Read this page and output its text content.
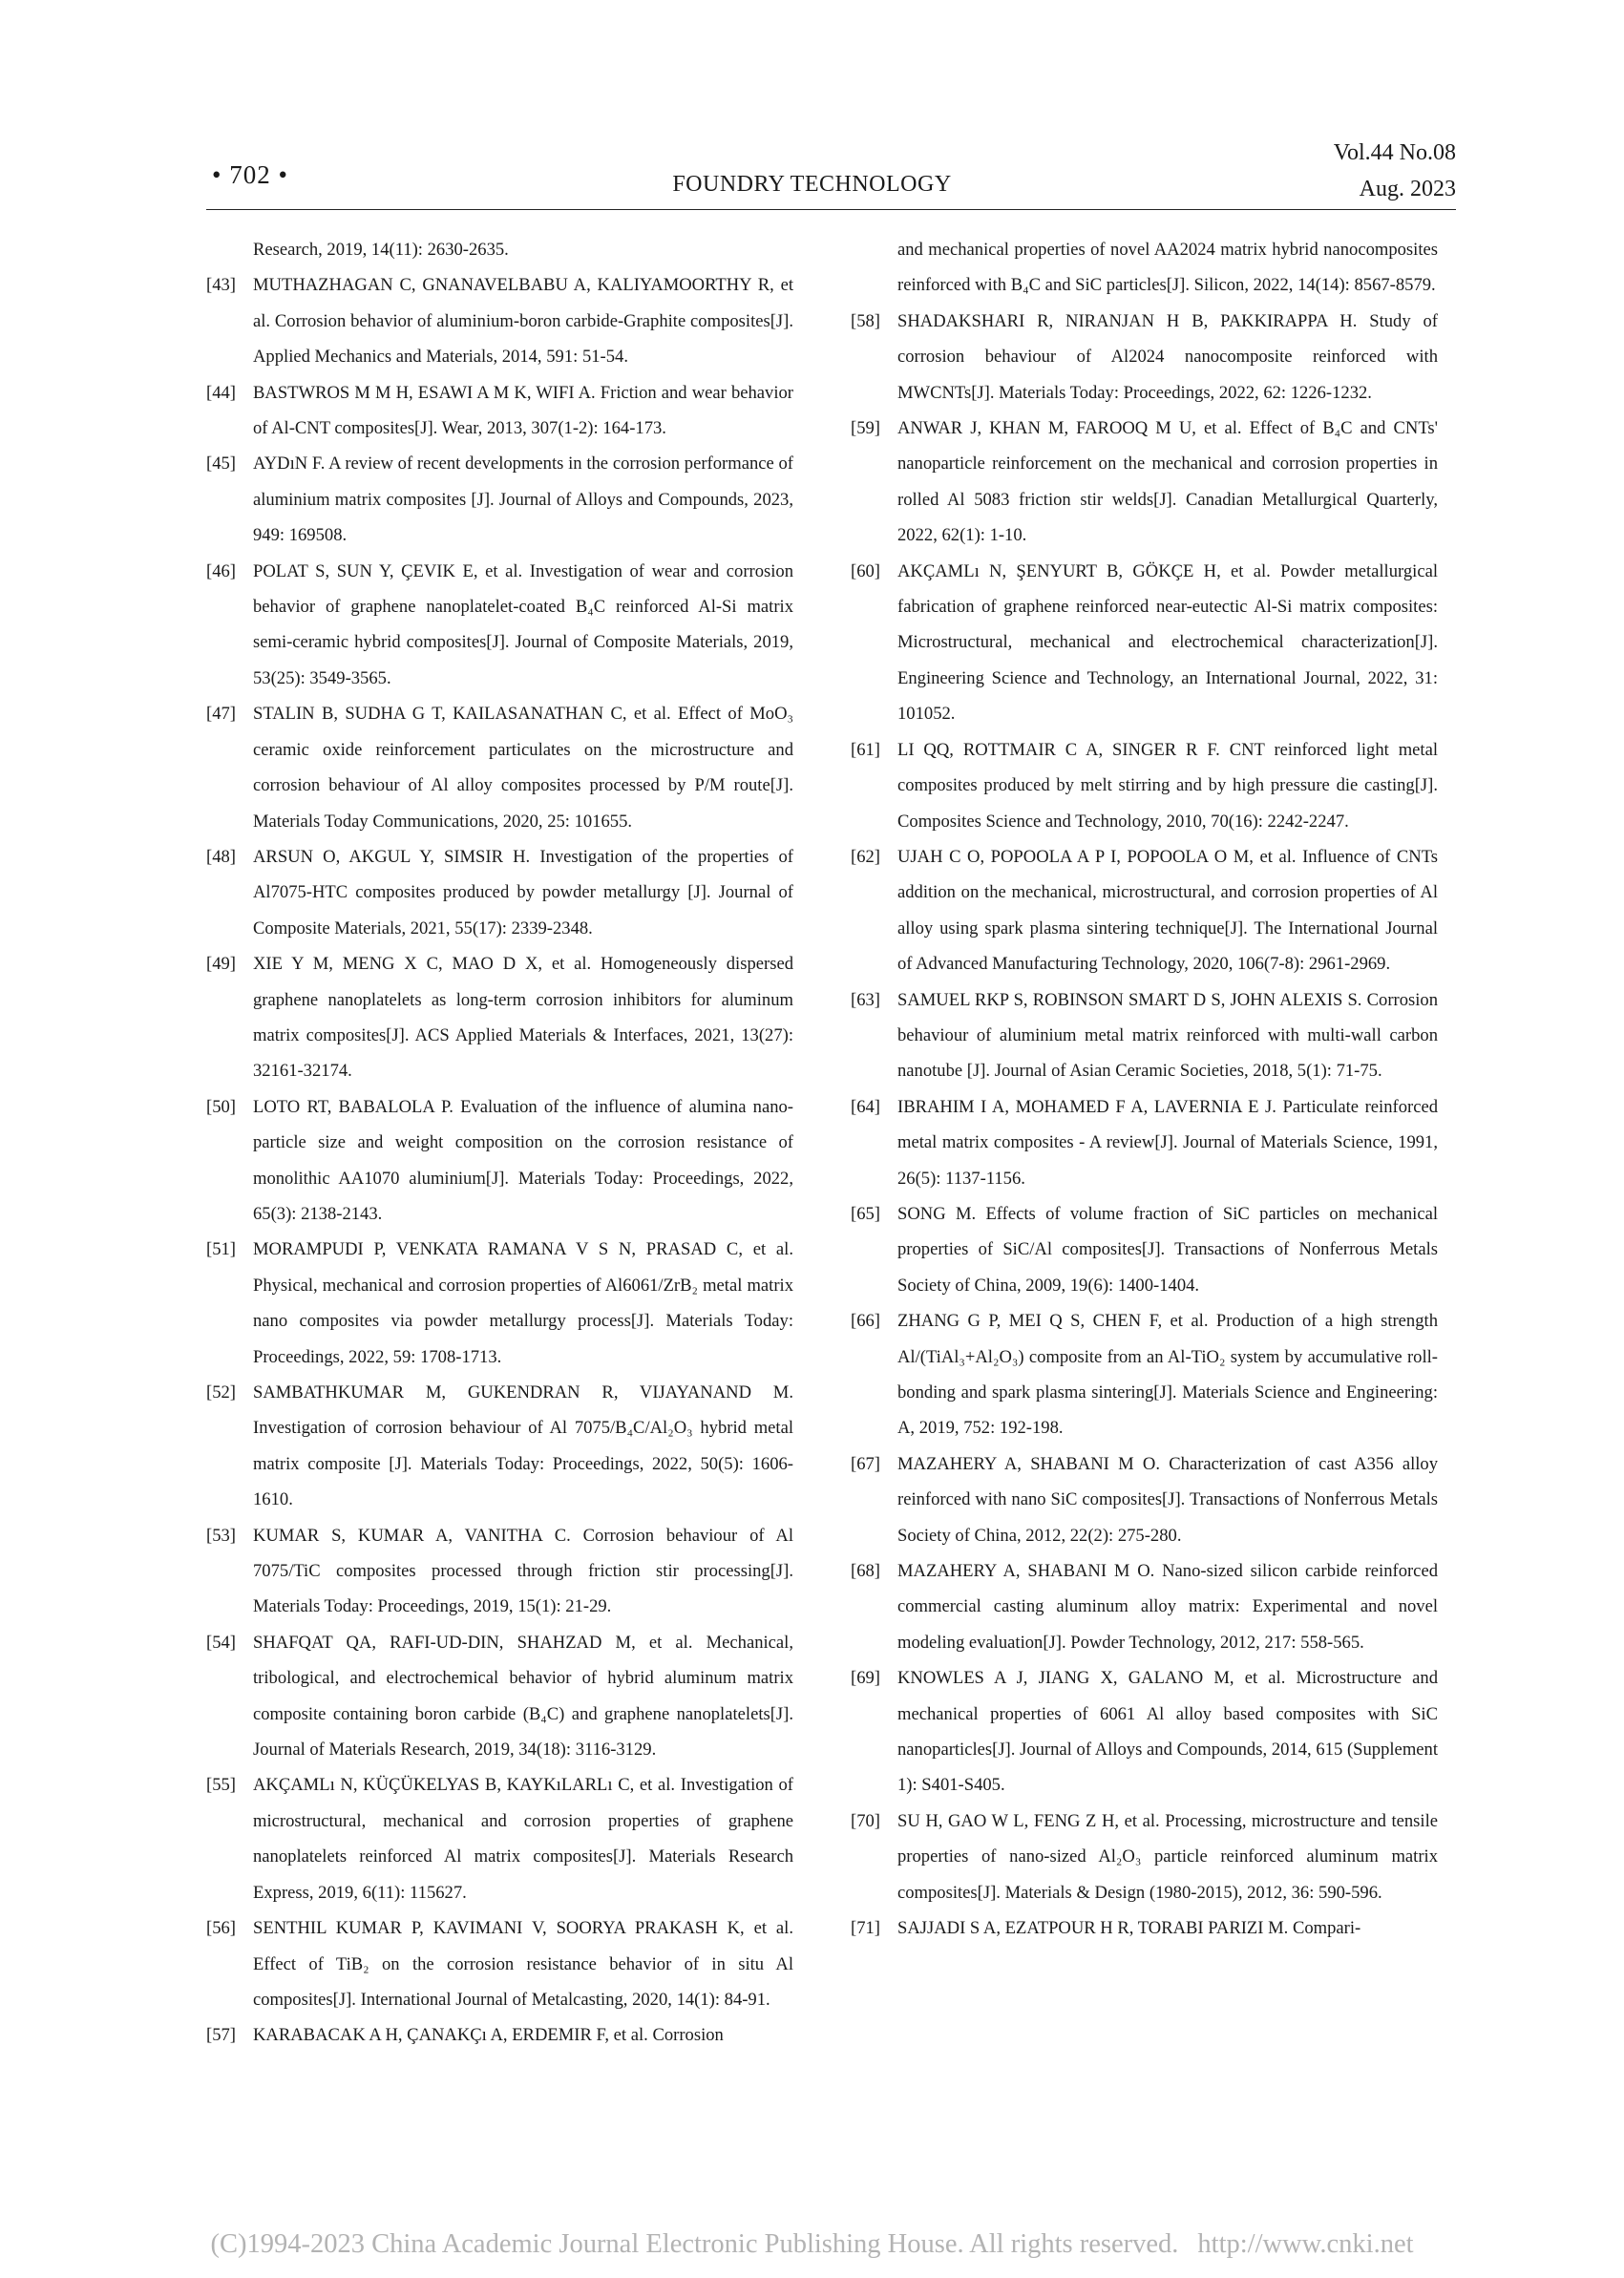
• 702 •	FOUNDRY TECHNOLOGY
Vol.44 No.08
Aug. 2023
Research, 2019, 14(11): 2630-2635.
[43] MUTHAZHAGAN C, GNANAVELBABU A, KALIYAMOORTHY R, et al. Corrosion behavior of aluminium-boron carbide-Graphite composites[J]. Applied Mechanics and Materials, 2014, 591: 51-54.
[44] BASTWROS M M H, ESAWI A M K, WIFI A. Friction and wear behavior of Al-CNT composites[J]. Wear, 2013, 307(1-2): 164-173.
[45] AYDıN F. A review of recent developments in the corrosion performance of aluminium matrix composites [J]. Journal of Alloys and Compounds, 2023, 949: 169508.
[46] POLAT S, SUN Y, ÇEVIK E, et al. Investigation of wear and corrosion behavior of graphene nanoplatelet-coated B₄C reinforced Al-Si matrix semi-ceramic hybrid composites[J]. Journal of Composite Materials, 2019, 53(25): 3549-3565.
[47] STALIN B, SUDHA G T, KAILASANATHAN C, et al. Effect of MoO₃ ceramic oxide reinforcement particulates on the microstructure and corrosion behaviour of Al alloy composites processed by P/M route[J]. Materials Today Communications, 2020, 25: 101655.
[48] ARSUN O, AKGUL Y, SIMSIR H. Investigation of the properties of Al7075-HTC composites produced by powder metallurgy [J]. Journal of Composite Materials, 2021, 55(17): 2339-2348.
[49] XIE Y M, MENG X C, MAO D X, et al. Homogeneously dispersed graphene nanoplatelets as long-term corrosion inhibitors for aluminum matrix composites[J]. ACS Applied Materials & Interfaces, 2021, 13(27): 32161-32174.
[50] LOTO RT, BABALOLA P. Evaluation of the influence of alumina nano-particle size and weight composition on the corrosion resistance of monolithic AA1070 aluminium[J]. Materials Today: Proceedings, 2022, 65(3): 2138-2143.
[51] MORAMPUDI P, VENKATA RAMANA V S N, PRASAD C, et al. Physical, mechanical and corrosion properties of Al6061/ZrB₂ metal matrix nano composites via powder metallurgy process[J]. Materials Today: Proceedings, 2022, 59: 1708-1713.
[52] SAMBATHKUMAR M, GUKENDRAN R, VIJAYANAND M. Investigation of corrosion behaviour of Al 7075/B₄C/Al₂O₃ hybrid metal matrix composite [J]. Materials Today: Proceedings, 2022, 50(5): 1606-1610.
[53] KUMAR S, KUMAR A, VANITHA C. Corrosion behaviour of Al 7075/TiC composites processed through friction stir processing[J]. Materials Today: Proceedings, 2019, 15(1): 21-29.
[54] SHAFQAT QA, RAFI-UD-DIN, SHAHZAD M, et al. Mechanical, tribological, and electrochemical behavior of hybrid aluminum matrix composite containing boron carbide (B₄C) and graphene nanoplatelets[J]. Journal of Materials Research, 2019, 34(18): 3116-3129.
[55] AKÇAMLı N, KÜÇÜKELYAS B, KAYKıLARLı C, et al. Investigation of microstructural, mechanical and corrosion properties of graphene nanoplatelets reinforced Al matrix composites[J]. Materials Research Express, 2019, 6(11): 115627.
[56] SENTHIL KUMAR P, KAVIMANI V, SOORYA PRAKASH K, et al. Effect of TiB₂ on the corrosion resistance behavior of in situ Al composites[J]. International Journal of Metalcasting, 2020, 14(1): 84-91.
[57] KARABACAK A H, ÇANAKÇı A, ERDEMIR F, et al. Corrosion
and mechanical properties of novel AA2024 matrix hybrid nanocomposites reinforced with B₄C and SiC particles[J]. Silicon, 2022, 14(14): 8567-8579.
[58] SHADAKSHARI R, NIRANJAN H B, PAKKIRAPPA H. Study of corrosion behaviour of Al2024 nanocomposite reinforced with MWCNTs[J]. Materials Today: Proceedings, 2022, 62: 1226-1232.
[59] ANWAR J, KHAN M, FAROOQ M U, et al. Effect of B₄C and CNTs' nanoparticle reinforcement on the mechanical and corrosion properties in rolled Al 5083 friction stir welds[J]. Canadian Metallurgical Quarterly, 2022, 62(1): 1-10.
[60] AKÇAMLı N, ŞENYURT B, GÖKÇE H, et al. Powder metallurgical fabrication of graphene reinforced near-eutectic Al-Si matrix composites: Microstructural, mechanical and electrochemical characterization[J]. Engineering Science and Technology, an International Journal, 2022, 31: 101052.
[61] LI QQ, ROTTMAIR C A, SINGER R F. CNT reinforced light metal composites produced by melt stirring and by high pressure die casting[J]. Composites Science and Technology, 2010, 70(16): 2242-2247.
[62] UJAH C O, POPOOLA A P I, POPOOLA O M, et al. Influence of CNTs addition on the mechanical, microstructural, and corrosion properties of Al alloy using spark plasma sintering technique[J]. The International Journal of Advanced Manufacturing Technology, 2020, 106(7-8): 2961-2969.
[63] SAMUEL RKP S, ROBINSON SMART D S, JOHN ALEXIS S. Corrosion behaviour of aluminium metal matrix reinforced with multi-wall carbon nanotube [J]. Journal of Asian Ceramic Societies, 2018, 5(1): 71-75.
[64] IBRAHIM I A, MOHAMED F A, LAVERNIA E J. Particulate reinforced metal matrix composites - A review[J]. Journal of Materials Science, 1991, 26(5): 1137-1156.
[65] SONG M. Effects of volume fraction of SiC particles on mechanical properties of SiC/Al composites[J]. Transactions of Nonferrous Metals Society of China, 2009, 19(6): 1400-1404.
[66] ZHANG G P, MEI Q S, CHEN F, et al. Production of a high strength Al/(TiAl₃+Al₂O₃) composite from an Al-TiO₂ system by accumulative roll-bonding and spark plasma sintering[J]. Materials Science and Engineering: A, 2019, 752: 192-198.
[67] MAZAHERY A, SHABANI M O. Characterization of cast A356 alloy reinforced with nano SiC composites[J]. Transactions of Nonferrous Metals Society of China, 2012, 22(2): 275-280.
[68] MAZAHERY A, SHABANI M O. Nano-sized silicon carbide reinforced commercial casting aluminum alloy matrix: Experimental and novel modeling evaluation[J]. Powder Technology, 2012, 217: 558-565.
[69] KNOWLES A J, JIANG X, GALANO M, et al. Microstructure and mechanical properties of 6061 Al alloy based composites with SiC nanoparticles[J]. Journal of Alloys and Compounds, 2014, 615 (Supplement 1): S401-S405.
[70] SU H, GAO W L, FENG Z H, et al. Processing, microstructure and tensile properties of nano-sized Al₂O₃ particle reinforced aluminum matrix composites[J]. Materials & Design (1980-2015), 2012, 36: 590-596.
[71] SAJJADI S A, EZATPOUR H R, TORABI PARIZI M. Compari-
(C)1994-2023 China Academic Journal Electronic Publishing House. All rights reserved. http://www.cnki.net
